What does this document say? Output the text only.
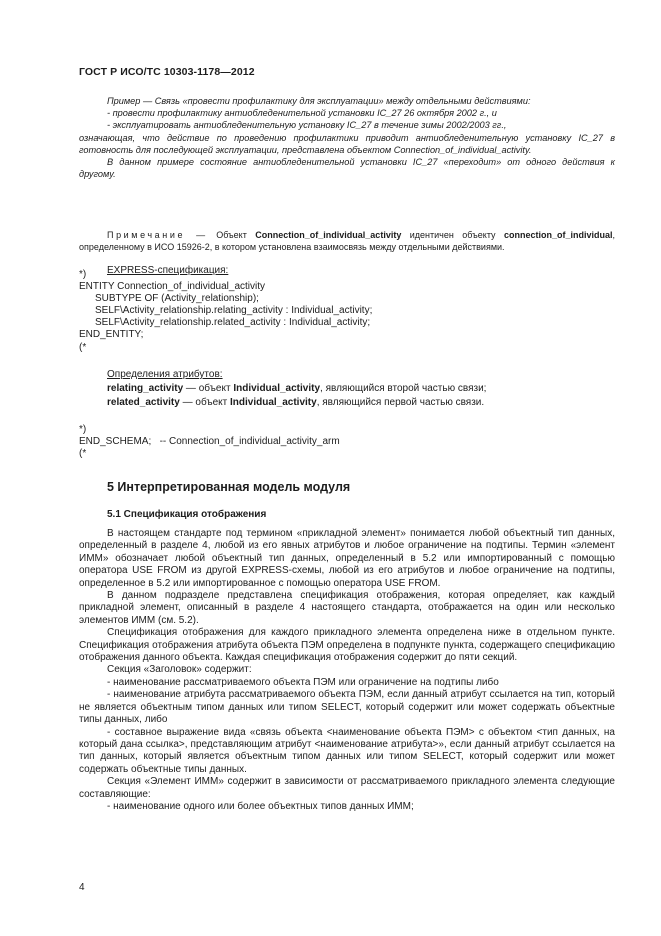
ГОСТ Р ИСО/ТС 10303-1178—2012
Пример — Связь «провести профилактику для эксплуатации» между отдельными действиями:
- провести профилактику антиобледенительной установки IC_27 26 октября 2002 г., и
- эксплуатировать антиобледенительную установку IC_27 в течение зимы 2002/2003 гг.,
означающая, что действие по проведению профилактики приводит антиобледенительную установку IC_27 в готовность для последующей эксплуатации, представлена объектом Connection_of_individual_activity.
В данном примере состояние антиобледенительной установки IC_27 «переходит» от одного действия к другому.
Примечание — Объект Connection_of_individual_activity идентичен объекту connection_of_individual, определенному в ИСО 15926-2, в котором установлена взаимосвязь между отдельными действиями.
EXPRESS-спецификация:
*)
ENTITY Connection_of_individual_activity
SUBTYPE OF (Activity_relationship);
SELF\Activity_relationship.relating_activity : Individual_activity;
SELF\Activity_relationship.related_activity : Individual_activity;
END_ENTITY;
(*
Определения атрибутов:
relating_activity — объект Individual_activity, являющийся второй частью связи;
related_activity — объект Individual_activity, являющийся первой частью связи.
*)
END_SCHEMA;   -- Connection_of_individual_activity_arm
(*
5 Интерпретированная модель модуля
5.1 Спецификация отображения

В настоящем стандарте под термином «прикладной элемент» понимается любой объектный тип данных, определенный в разделе 4, любой из его явных атрибутов и любое ограничение на подтипы. Термин «элемент ИММ» обозначает любой объектный тип данных, определенный в 5.2 или импортированный с помощью оператора USE FROM из другой EXPRESS-схемы, любой из его атрибутов и любое ограничение на подтипы, определенное в 5.2 или импортированное с помощью оператора USE FROM.

В данном подразделе представлена спецификация отображения, которая определяет, как каждый прикладной элемент, описанный в разделе 4 настоящего стандарта, отображается на один или несколько элементов ИММ (см. 5.2).

Спецификация отображения для каждого прикладного элемента определена ниже в отдельном пункте. Спецификация отображения атрибута объекта ПЭМ определена в подпункте пункта, содержащего спецификацию отображения данного объекта. Каждая спецификация отображения содержит до пяти секций.

Секция «Заголовок» содержит:

- наименование рассматриваемого объекта ПЭМ или ограничение на подтипы либо

- наименование атрибута рассматриваемого объекта ПЭМ, если данный атрибут ссылается на тип, который не является объектным типом данных или типом SELECT, который содержит или может содержать объектные типы данных, либо

- составное выражение вида «связь объекта <наименование объекта ПЭМ> с объектом <тип данных, на который дана ссылка>, представляющим атрибут <наименование атрибута>», если данный атрибут ссылается на тип данных, который является объектным типом данных или типом SELECT, который содержит или может содержать объектные типы данных.

Секция «Элемент ИММ» содержит в зависимости от рассматриваемого прикладного элемента следующие составляющие:

- наименование одного или более объектных типов данных ИММ;

4
